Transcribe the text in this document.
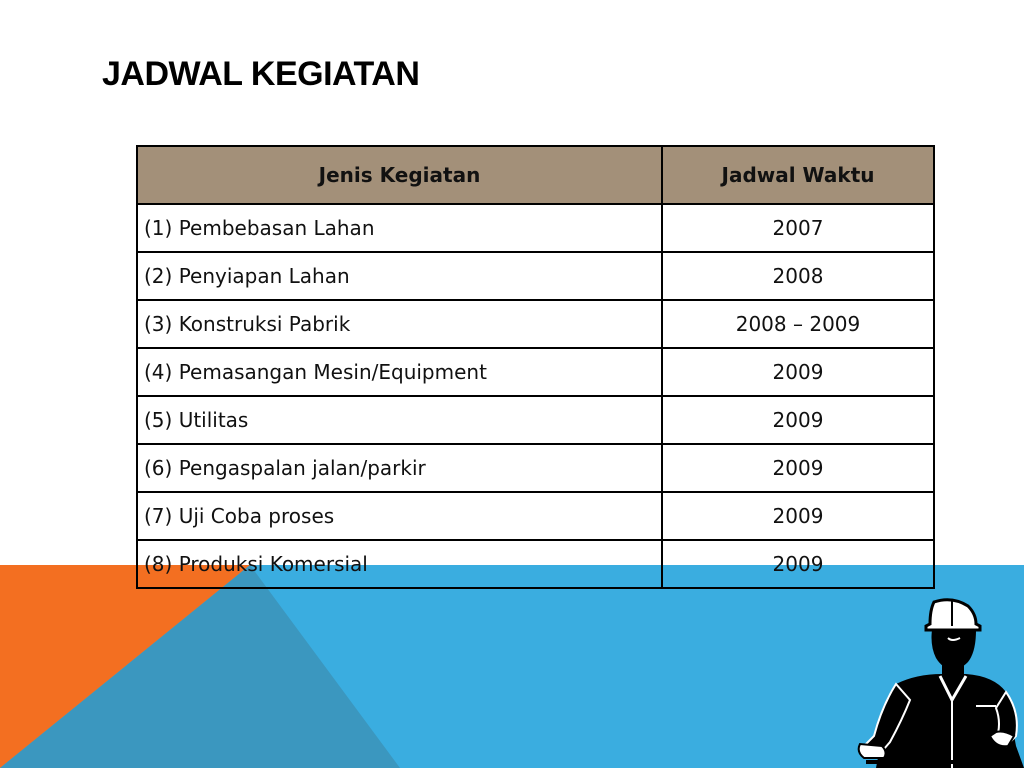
JADWAL KEGIATAN
Jenis Kegiatan	Jadwal Waktu
(1) Pembebasan Lahan	2007
(2) Penyiapan Lahan	2008
(3) Konstruksi Pabrik	2008 – 2009
(4) Pemasangan Mesin/Equipment	2009
(5) Utilitas	2009
(6) Pengaspalan jalan/parkir	2009
(7) Uji Coba proses	2009
(8) Produksi Komersial	2009
